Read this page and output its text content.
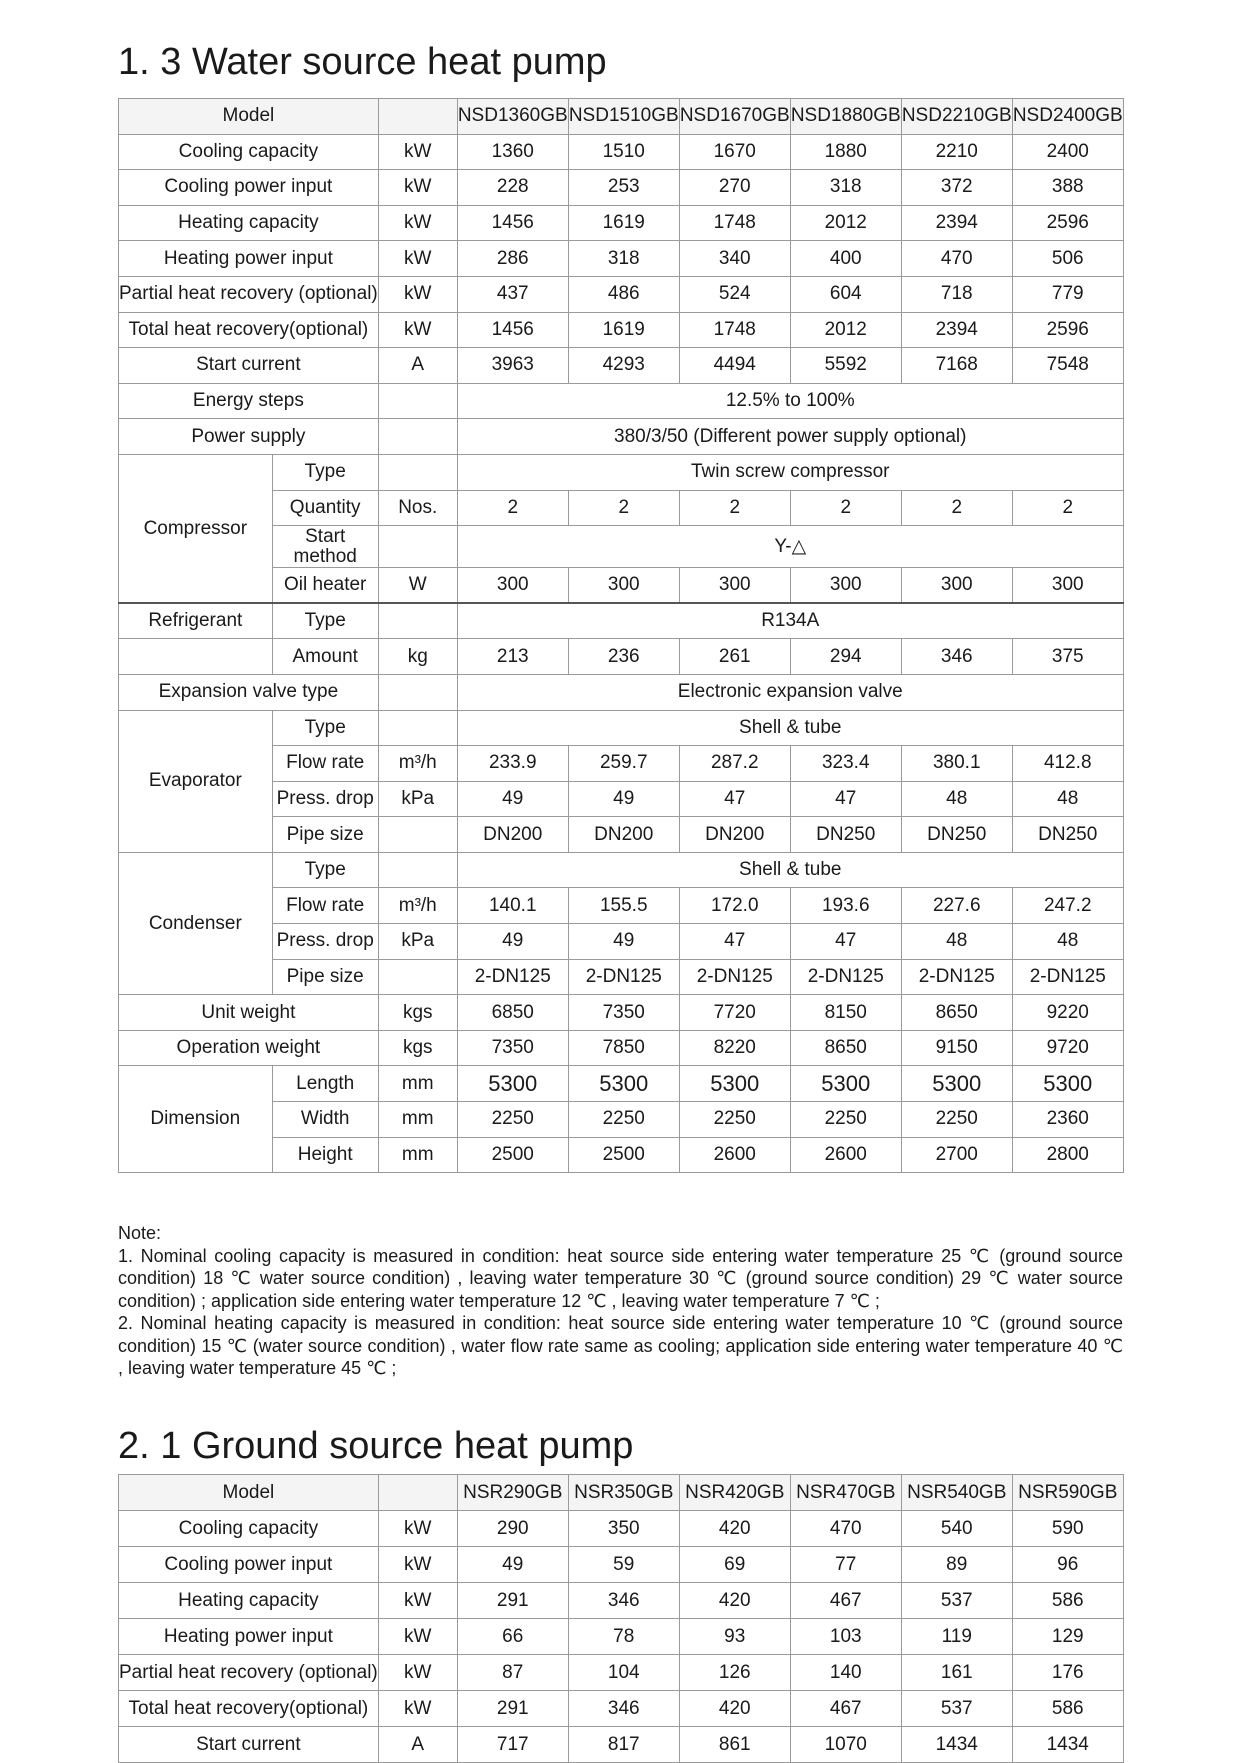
1. 3 Water source heat pump
Model			NSD1360GB	NSD1510GB	NSD1670GB	NSD1880GB	NSD2210GB	NSD2400GB
Cooling capacity		kW	1360	1510	1670	1880	2210	2400
Cooling power input		kW	228	253	270	318	372	388
Heating capacity		kW	1456	1619	1748	2012	2394	2596
Heating power input		kW	286	318	340	400	470	506
Partial heat recovery (optional)		kW	437	486	524	604	718	779
Total heat recovery(optional)		kW	1456	1619	1748	2012	2394	2596
Start current		A	3963	4293	4494	5592	7168	7548
Energy steps			12.5% to 100%					
Power supply			380/3/50 (Different power supply optional)					
Compressor	Type		Twin screw compressor					
	Quantity	Nos.	2	2	2	2	2	2
	Start method		Y-△					
	Oil heater	W	300	300	300	300	300	300
Refrigerant	Type		R134A					
	Amount	kg	213	236	261	294	346	375
Expansion valve type			Electronic expansion valve					
Evaporator	Type		Shell & tube					
	Flow rate	m³/h	233.9	259.7	287.2	323.4	380.1	412.8
	Press. drop	kPa	49	49	47	47	48	48
	Pipe size		DN200	DN200	DN200	DN250	DN250	DN250
Condenser	Type		Shell & tube					
	Flow rate	m³/h	140.1	155.5	172.0	193.6	227.6	247.2
	Press. drop	kPa	49	49	47	47	48	48
	Pipe size		2-DN125	2-DN125	2-DN125	2-DN125	2-DN125	2-DN125
Unit weight		kgs	6850	7350	7720	8150	8650	9220
Operation weight		kgs	7350	7850	8220	8650	9150	9720
Dimension	Length	mm	5300	5300	5300	5300	5300	5300
	Width	mm	2250	2250	2250	2250	2250	2360
	Height	mm	2500	2500	2600	2600	2700	2800

Note:

1. Nominal cooling capacity is measured in condition: heat source side entering water temperature 25 ℃ (ground source condition) 18 ℃ water source condition) , leaving water temperature 30 ℃ (ground source condition) 29 ℃ water source condition) ; application side entering water temperature 12 ℃ , leaving water temperature 7 ℃ ;

2. Nominal heating capacity is measured in condition: heat source side entering water temperature 10 ℃ (ground source condition) 15 ℃ (water source condition) , water flow rate same as cooling; application side entering water temperature 40 ℃ , leaving water temperature 45 ℃ ;

2. 1 Ground source heat pump
Model		NSR290GB	NSR350GB	NSR420GB	NSR470GB	NSR540GB	NSR590GB
Cooling capacity	kW	290	350	420	470	540	590
Cooling power input	kW	49	59	69	77	89	96
Heating capacity	kW	291	346	420	467	537	586
Heating power input	kW	66	78	93	103	119	129
Partial heat recovery (optional)	kW	87	104	126	140	161	176
Total heat recovery(optional)	kW	291	346	420	467	537	586
Start current	A	717	817	861	1070	1434	1434
